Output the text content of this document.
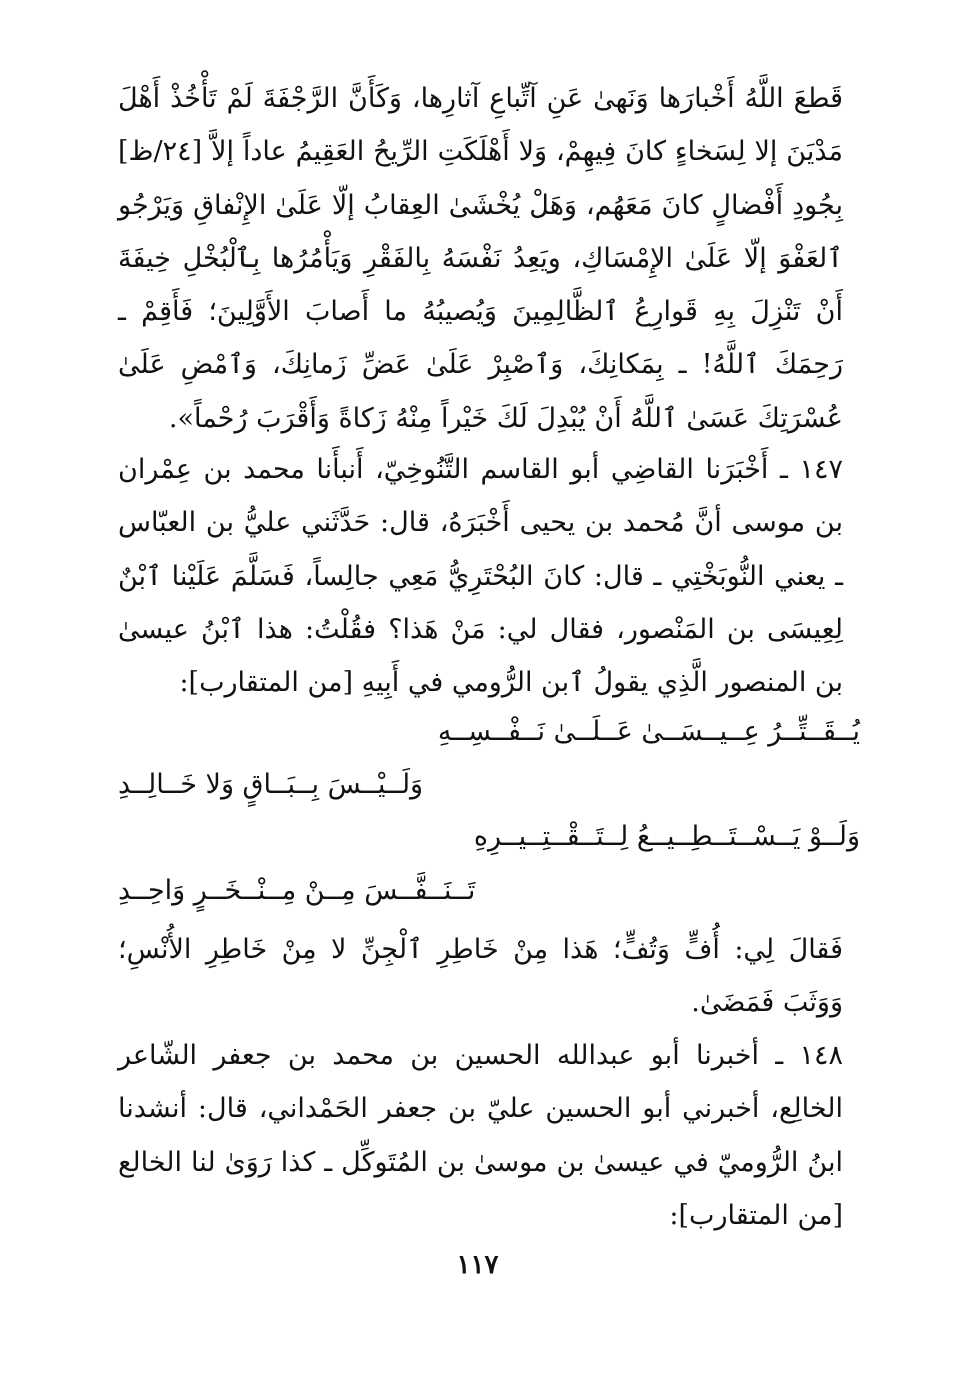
قَطعَ اللَّهُ أَخْبارَها وَنَهىٰ عَنِ آتِّباعِ آثارِها، وَكَأَنَّ الرَّجْفَةَ لَمْ تَأْخُذْ أَهْلَ مَدْيَنَ إلا لِسَخاءٍ كانَ فِيهِمْ، وَلا أَهْلَكَتِ الرِّيحُ العَقِيمُ عاداً إلاَّ [٢٤/ظ] بِجُودِ أَفْضالٍ كانَ مَعَهُم، وَهَلْ يُخْشَىٰ العِقابُ إلّا عَلَىٰ الإِنْفاقِ وَيَرْجُو ٱلعَفْوَ إلّا عَلَىٰ الإِمْسَاكِ، ويَعِدُ نَفْسَهُ بِالفَقْرِ وَيَأْمُرُها بِٱلْبُخْلِ خِيفَةَ أَنْ تَنْزِلَ بِهِ قَوارِعُ ٱلظَّالِمِينَ وَيُصيبُهُ ما أَصابَ الأَوَّلِينَ؛ فَأَقِمْ ـ رَحِمَكَ ٱللَّهُ! ـ بِمَكانِكَ، وَٱصْبِرْ عَلَىٰ عَضِّ زَمانِكَ، وَٱمْضِ عَلَىٰ عُسْرَتِكَ عَسَىٰ ٱللَّهُ أَنْ يُبْدِلَ لَكَ خَيْراً مِنْهُ زَكاةً وَأَقْرَبَ رُحْماً».

١٤٧ ـ أَخْبَرَنا القاضِي أبو القاسم التَّنُوخِيّ، أَنبأَنا محمد بن عِمْران بن موسى أنَّ مُحمد بن يحيى أَخْبَرَهُ، قال: حَدَّثَني عليُّ بن العبّاس ـ يعني النُّوبَخْتِي ـ قال: كانَ البُحْتَرِيُّ مَعِي جالِساً، فَسَلَّمَ عَلَيْنا ٱبْنٌ لِعِيسَى بن المَنْصور، فقال لي: مَنْ هَذا؟ فقُلْتُ: هذا ٱبْنُ عيسىٰ بن المنصور الَّذِي يقولُ ٱبن الرُّومي في أَبِيهِ [من المتقارب]:

يُــقَــتِّــرُ عِــيــسَــىٰ عَــلَــىٰ نَــفْــسِــهِ
وَلَــيْــسَ بِــبَــاقٍ وَلا خَــالِــدِ
وَلَــوْ يَــسْــتَــطِــيــعُ لِــتَــقْــتِــيــرِهِ
تَــنَــفَّــسَ مِــنْ مِــنْــخَــرٍ وَاحِــدِ

فَقالَ لِي: أُفٍّ وَتُفٍّ؛ هَذا مِنْ خَاطِرِ ٱلْجِنِّ لا مِنْ خَاطِرِ الأُنْسِ؛ وَوَثَبَ فَمَضَىٰ.

١٤٨ ـ أخبرنا أبو عبدالله الحسين بن محمد بن جعفر الشّاعر الخالِع، أخبرني أبو الحسين عليّ بن جعفر الحَمْداني، قال: أنشدنا ابنُ الرُّوميّ في عيسىٰ بن موسىٰ بن المُتَوكِّل ـ كذا رَوَىٰ لنا الخالع [من المتقارب]:

١١٧
